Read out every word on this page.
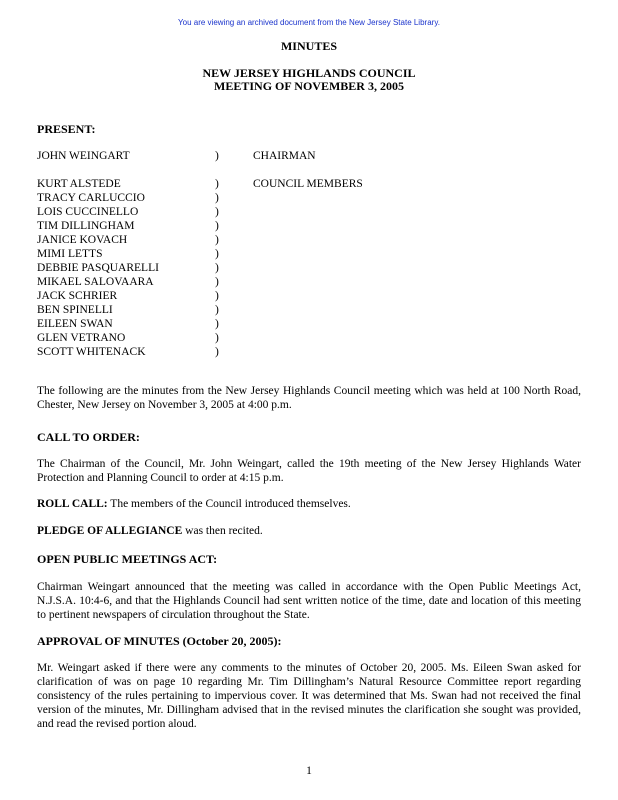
You are viewing an archived document from the New Jersey State Library.
MINUTES
NEW JERSEY HIGHLANDS COUNCIL
MEETING OF NOVEMBER 3, 2005
PRESENT:
JOHN WEINGART	)	CHAIRMAN
KURT ALSTEDE	)	COUNCIL MEMBERS
TRACY CARLUCCIO	)
LOIS CUCCINELLO	)
TIM DILLINGHAM	)
JANICE KOVACH	)
MIMI LETTS	)
DEBBIE PASQUARELLI	)
MIKAEL SALOVAARA	)
JACK SCHRIER	)
BEN SPINELLI	)
EILEEN SWAN	)
GLEN VETRANO	)
SCOTT WHITENACK	)
The following are the minutes from the New Jersey Highlands Council meeting which was held at 100 North Road, Chester, New Jersey on November 3, 2005 at 4:00 p.m.
CALL TO ORDER:
The Chairman of the Council, Mr. John Weingart, called the 19th meeting of the New Jersey Highlands Water Protection and Planning Council to order at 4:15 p.m.
ROLL CALL: The members of the Council introduced themselves.
PLEDGE OF ALLEGIANCE was then recited.
OPEN PUBLIC MEETINGS ACT:
Chairman Weingart announced that the meeting was called in accordance with the Open Public Meetings Act, N.J.S.A. 10:4-6, and that the Highlands Council had sent written notice of the time, date and location of this meeting to pertinent newspapers of circulation throughout the State.
APPROVAL OF MINUTES (October 20, 2005):
Mr. Weingart asked if there were any comments to the minutes of October 20, 2005. Ms. Eileen Swan asked for clarification of was on page 10 regarding Mr. Tim Dillingham’s Natural Resource Committee report regarding consistency of the rules pertaining to impervious cover. It was determined that Ms. Swan had not received the final version of the minutes, Mr. Dillingham advised that in the revised minutes the clarification she sought was provided, and read the revised portion aloud.
1
